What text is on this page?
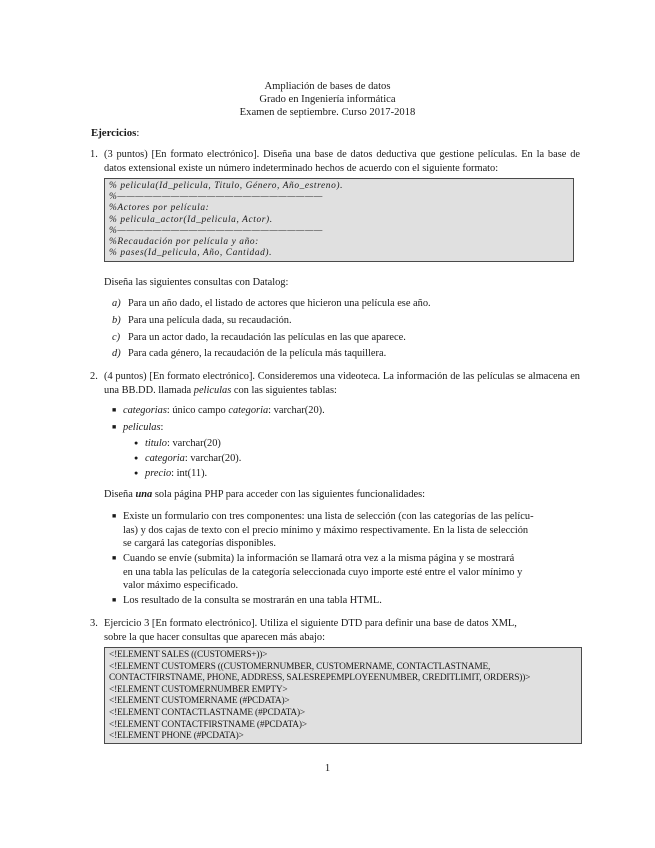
Ampliación de bases de datos
Grado en Ingeniería informática
Examen de septiembre. Curso 2017-2018
Ejercicios:
1. (3 puntos) [En formato electrónico]. Diseña una base de datos deductiva que gestione películas. En la base de datos extensional existe un número indeterminado hechos de acuerdo con el siguiente formato:
% pelicula(Id_pelicula, Titulo, Género, Año_estreno).
%———————————————————————
%Actores por película:
% pelicula_actor(Id_pelicula, Actor).
%———————————————————————
%Recaudación por película y año:
% pases(Id_pelicula, Año, Cantidad).
Diseña las siguientes consultas con Datalog:
a) Para un año dado, el listado de actores que hicieron una película ese año.
b) Para una película dada, su recaudación.
c) Para un actor dado, la recaudación las películas en las que aparece.
d) Para cada género, la recaudación de la película más taquillera.
2. (4 puntos) [En formato electrónico]. Consideremos una videoteca. La información de las películas se almacena en una BB.DD. llamada peliculas con las siguientes tablas:
■ categorias: único campo categoria: varchar(20).
■ peliculas:
● titulo: varchar(20)
● categoria: varchar(20).
● precio: int(11).
Diseña una sola página PHP para acceder con las siguientes funcionalidades:
■ Existe un formulario con tres componentes: una lista de selección (con las categorías de las pelícu-
las) y dos cajas de texto con el precio mínimo y máximo respectivamente. En la lista de selección
se cargará las categorías disponibles.
■ Cuando se envíe (submita) la información se llamará otra vez a la misma página y se mostrará
en una tabla las películas de la categoría seleccionada cuyo importe esté entre el valor mínimo y
valor máximo especificado.
■ Los resultado de la consulta se mostrarán en una tabla HTML.
3. Ejercicio 3 [En formato electrónico]. Utiliza el siguiente DTD para definir una base de datos XML,
sobre la que hacer consultas que aparecen más abajo:
<!ELEMENT SALES ((CUSTOMERS+))>
<!ELEMENT CUSTOMERS ((CUSTOMERNUMBER, CUSTOMERNAME, CONTACTLASTNAME,
CONTACTFIRSTNAME, PHONE, ADDRESS, SALESREPEMPLOYEENUMBER, CREDITLIMIT, ORDERS))>
<!ELEMENT CUSTOMERNUMBER EMPTY>
<!ELEMENT CUSTOMERNAME (#PCDATA)>
<!ELEMENT CONTACTLASTNAME (#PCDATA)>
<!ELEMENT CONTACTFIRSTNAME (#PCDATA)>
<!ELEMENT PHONE (#PCDATA)>
1
